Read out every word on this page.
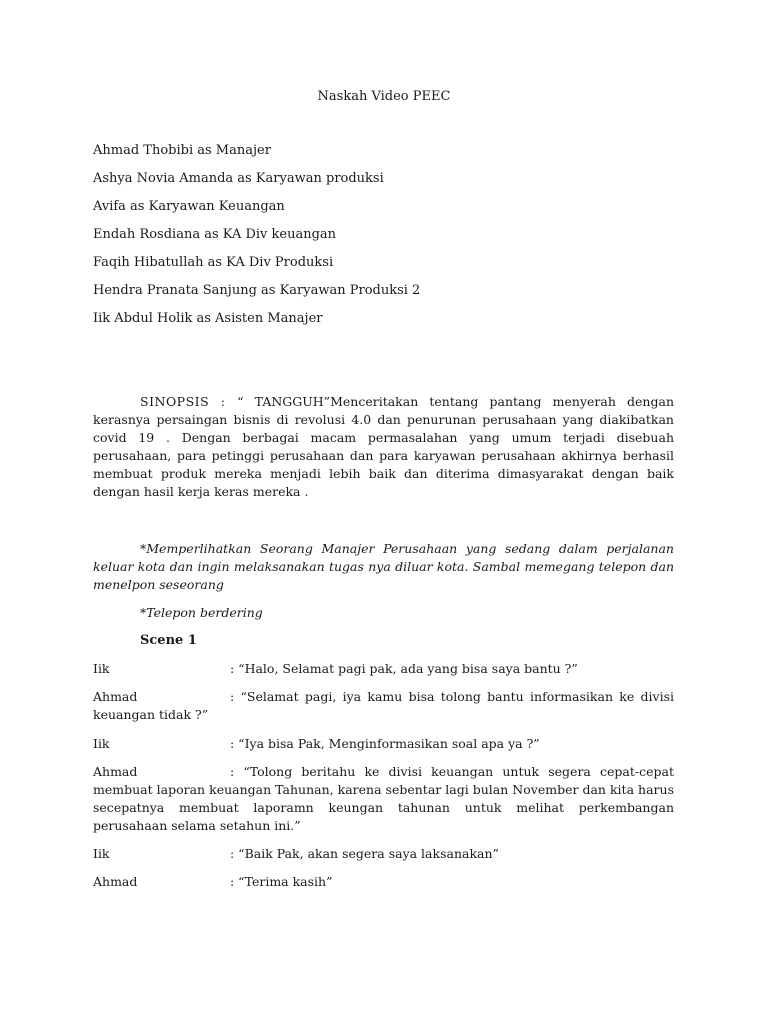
Naskah Video PEEC
Ahmad Thobibi as Manajer
Ashya Novia Amanda as Karyawan produksi
Avifa as Karyawan Keuangan
Endah Rosdiana as KA Div keuangan
Faqih Hibatullah as KA Div Produksi
Hendra Pranata Sanjung as Karyawan Produksi 2
Iik Abdul Holik as Asisten Manajer

SINOPSIS : “ TANGGUH”Menceritakan tentang pantang menyerah dengan kerasnya persaingan bisnis di revolusi 4.0 dan penurunan perusahaan yang diakibatkan covid 19 . Dengan berbagai macam permasalahan yang umum terjadi disebuah perusahaan, para petinggi perusahaan dan para karyawan perusahaan akhirnya berhasil membuat produk mereka menjadi lebih baik dan diterima dimasyarakat dengan baik dengan hasil kerja keras mereka .

*Memperlihatkan Seorang Manajer Perusahaan yang sedang dalam perjalanan keluar kota dan ingin melaksanakan tugas nya diluar kota. Sambal memegang telepon dan menelpon seseorang

*Telepon berdering

Scene 1

Iik	: “Halo, Selamat pagi pak, ada yang bisa saya bantu ?”
Ahmad	: “Selamat pagi, iya kamu bisa tolong bantu informasikan ke divisi
keuangan tidak ?”
Iik	: “Iya bisa Pak, Menginformasikan soal apa ya ?”
Ahmad	: “Tolong beritahu ke divisi keuangan untuk segera cepat-cepat
membuat laporan keuangan Tahunan, karena sebentar lagi bulan November dan kita harus secepatnya membuat laporamn keungan tahunan untuk melihat perkembangan perusahaan selama setahun ini.”
Iik	: “Baik Pak, akan segera saya laksanakan”
Ahmad	: “Terima kasih”
